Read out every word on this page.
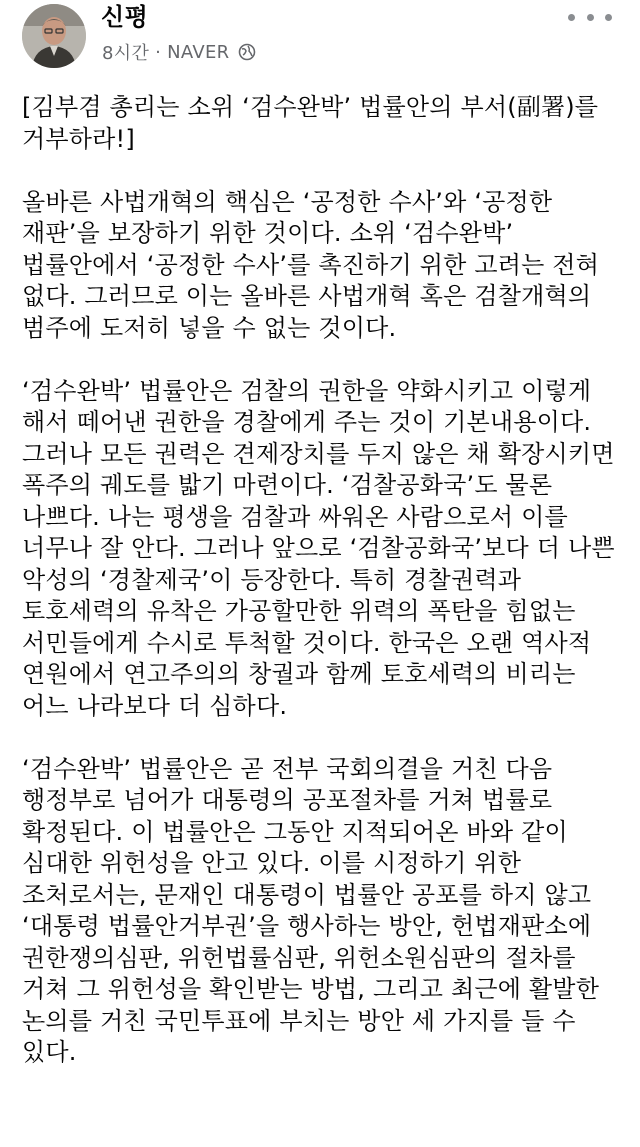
신평
8시간 · NAVER

[김부겸 총리는 소위 ‘검수완박’ 법률안의 부서(副署)를
거부하라!]

올바른 사법개혁의 핵심은 ‘공정한 수사’와 ‘공정한
재판’을 보장하기 위한 것이다. 소위 ‘검수완박’
법률안에서 ‘공정한 수사’를 촉진하기 위한 고려는 전혀
없다. 그러므로 이는 올바른 사법개혁 혹은 검찰개혁의
범주에 도저히 넣을 수 없는 것이다.

‘검수완박’ 법률안은 검찰의 권한을 약화시키고 이렇게
해서 떼어낸 권한을 경찰에게 주는 것이 기본내용이다.
그러나 모든 권력은 견제장치를 두지 않은 채 확장시키면
폭주의 궤도를 밟기 마련이다. ‘검찰공화국’도 물론
나쁘다. 나는 평생을 검찰과 싸워온 사람으로서 이를
너무나 잘 안다. 그러나 앞으로 ‘검찰공화국’보다 더 나쁜
악성의 ‘경찰제국’이 등장한다. 특히 경찰권력과
토호세력의 유착은 가공할만한 위력의 폭탄을 힘없는
서민들에게 수시로 투척할 것이다. 한국은 오랜 역사적
연원에서 연고주의의 창궐과 함께 토호세력의 비리는
어느 나라보다 더 심하다.

‘검수완박’ 법률안은 곧 전부 국회의결을 거친 다음
행정부로 넘어가 대통령의 공포절차를 거쳐 법률로
확정된다. 이 법률안은 그동안 지적되어온 바와 같이
심대한 위헌성을 안고 있다. 이를 시정하기 위한
조처로서는, 문재인 대통령이 법률안 공포를 하지 않고
‘대통령 법률안거부권’을 행사하는 방안, 헌법재판소에
권한쟁의심판, 위헌법률심판, 위헌소원심판의 절차를
거쳐 그 위헌성을 확인받는 방법, 그리고 최근에 활발한
논의를 거친 국민투표에 부치는 방안 세 가지를 들 수
있다.
